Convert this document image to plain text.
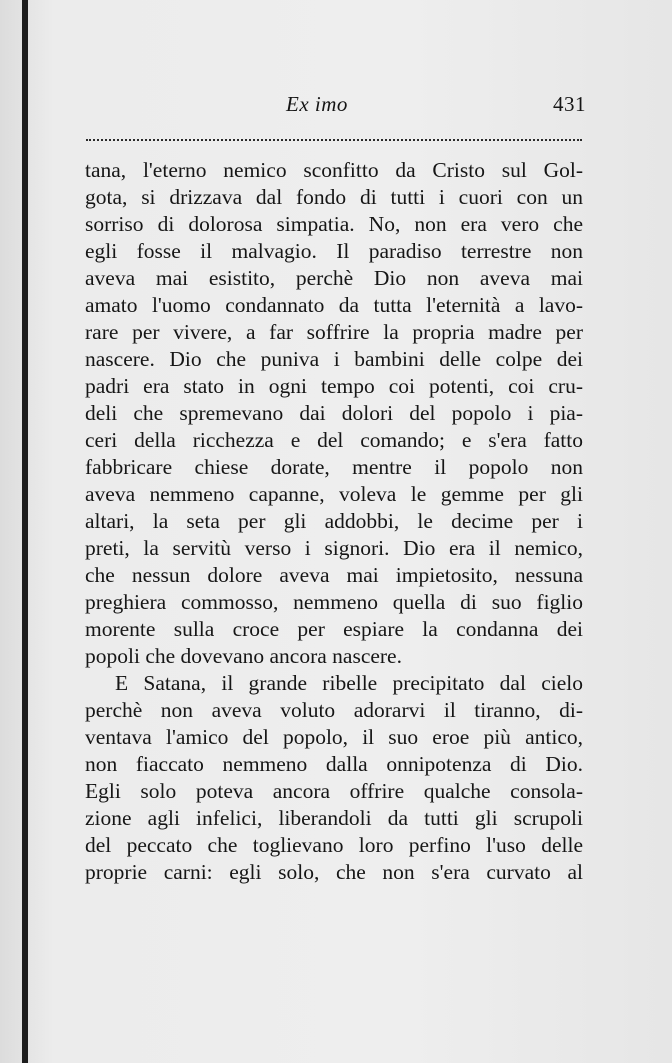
Ex imo	431
tana, l'eterno nemico sconfitto da Cristo sul Gol-
gota, si drizzava dal fondo di tutti i cuori con un
sorriso di dolorosa simpatia. No, non era vero che
egli fosse il malvagio. Il paradiso terrestre non
aveva mai esistito, perchè Dio non aveva mai
amato l'uomo condannato da tutta l'eternità a lavo-
rare per vivere, a far soffrire la propria madre per
nascere. Dio che puniva i bambini delle colpe dei
padri era stato in ogni tempo coi potenti, coi cru-
deli che spremevano dai dolori del popolo i pia-
ceri della ricchezza e del comando; e s'era fatto
fabbricare chiese dorate, mentre il popolo non
aveva nemmeno capanne, voleva le gemme per gli
altari, la seta per gli addobbi, le decime per i
preti, la servitù verso i signori. Dio era il nemico,
che nessun dolore aveva mai impietosito, nessuna
preghiera commosso, nemmeno quella di suo figlio
morente sulla croce per espiare la condanna dei
popoli che dovevano ancora nascere.
E Satana, il grande ribelle precipitato dal cielo
perchè non aveva voluto adorarvi il tiranno, di-
ventava l'amico del popolo, il suo eroe più antico,
non fiaccato nemmeno dalla onnipotenza di Dio.
Egli solo poteva ancora offrire qualche consola-
zione agli infelici, liberandoli da tutti gli scrupoli
del peccato che toglievano loro perfino l'uso delle
proprie carni: egli solo, che non s'era curvato al
